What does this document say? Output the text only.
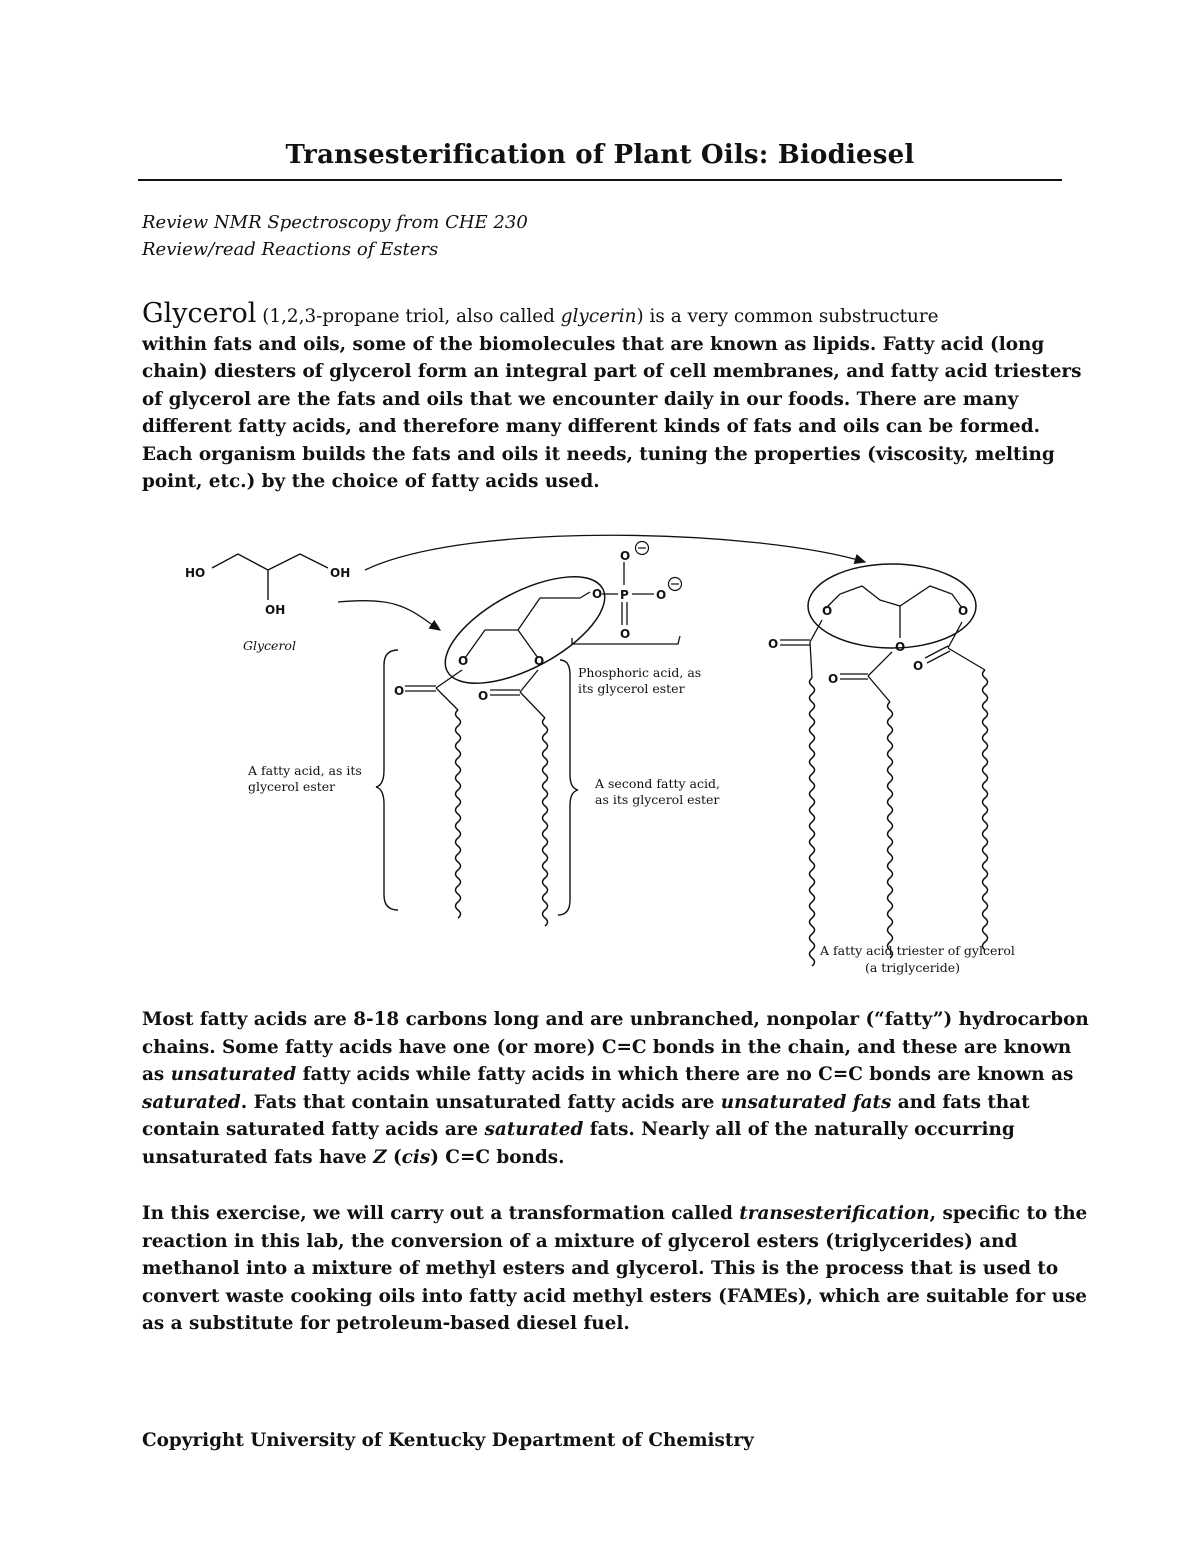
Transesterification of Plant Oils: Biodiesel
Review NMR Spectroscopy from CHE 230
Review/read Reactions of Esters
Glycerol (1,2,3-propane triol, also called glycerin) is a very common substructure
within fats and oils, some of the biomolecules that are known as lipids. Fatty acid (long
chain) diesters of glycerol form an integral part of cell membranes, and fatty acid triesters
of glycerol are the fats and oils that we encounter daily in our foods. There are many
different fatty acids, and therefore many different kinds of fats and oils can be formed.
Each organism builds the fats and oils it needs, tuning the properties (viscosity, melting
point, etc.) by the choice of fatty acids used.
HO	OH
OH
Glycerol
O	O
O P
O
O
O
Phosphoric acid, as
its glycerol ester
O	O
A fatty acid, as its
glycerol ester	A second fatty acid,
as its glycerol ester
O	O
O
O
O
O
A fatty acid triester of gylcerol
(a triglyceride)
Most fatty acids are 8-18 carbons long and are unbranched, nonpolar (“fatty”) hydrocarbon
chains. Some fatty acids have one (or more) C=C bonds in the chain, and these are known
as unsaturated fatty acids while fatty acids in which there are no C=C bonds are known as
saturated. Fats that contain unsaturated fatty acids are unsaturated fats and fats that
contain saturated fatty acids are saturated fats. Nearly all of the naturally occurring
unsaturated fats have Z (cis) C=C bonds.
In this exercise, we will carry out a transformation called transesterification, specific to the
reaction in this lab, the conversion of a mixture of glycerol esters (triglycerides) and
methanol into a mixture of methyl esters and glycerol. This is the process that is used to
convert waste cooking oils into fatty acid methyl esters (FAMEs), which are suitable for use
as a substitute for petroleum-based diesel fuel.
Copyright University of Kentucky Department of Chemistry
